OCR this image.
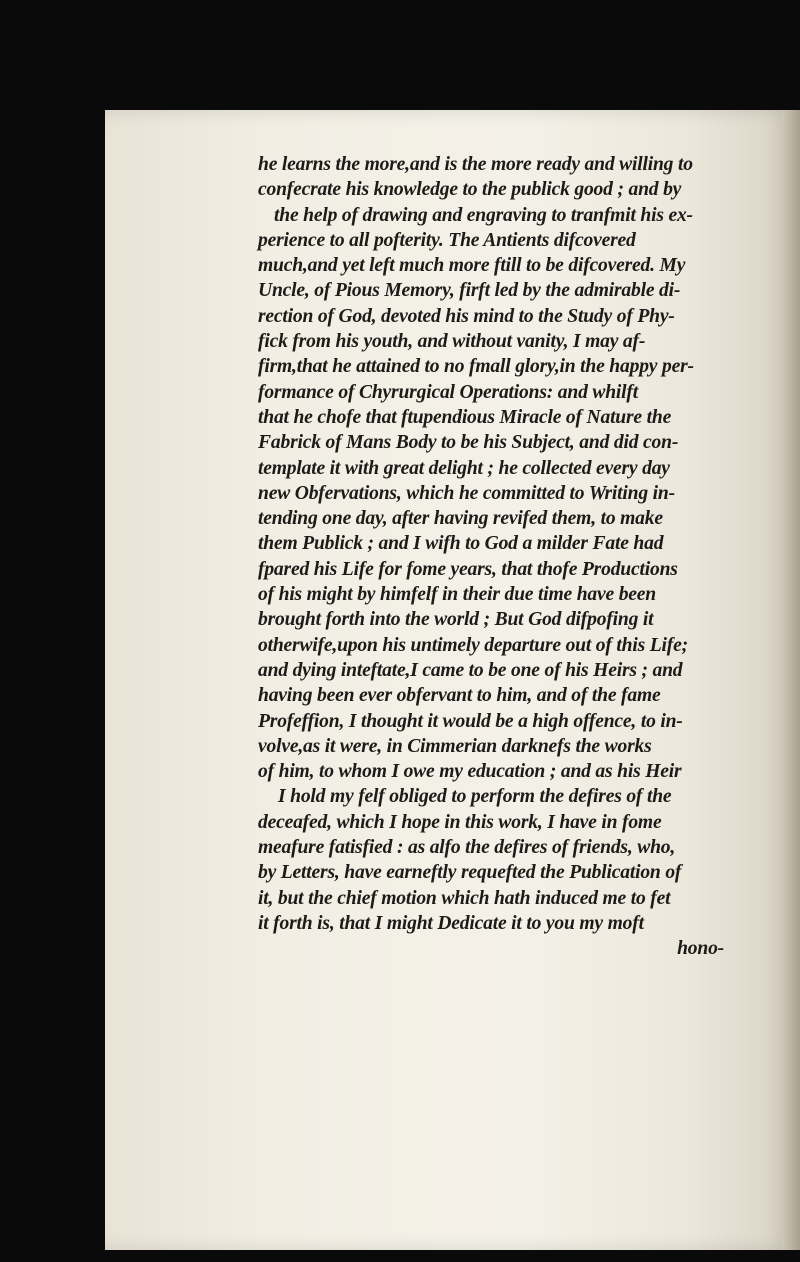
he learns the more,and is the more ready and willing to
confecrate his knowledge to the publick good ; and by
the help of drawing and engraving to tranfmit his ex-
perience to all pofterity. The Antients difcovered
much,and yet left much more ftill to be difcovered. My
Uncle, of Pious Memory, firft led by the admirable di-
rection of God, devoted his mind to the Study of Phy-
fick from his youth, and without vanity, I may af-
firm,that he attained to no fmall glory,in the happy per-
formance of Chyrurgical Operations: and whilft
that he chofe that ftupendious Miracle of Nature the
Fabrick of Mans Body to be his Subject, and did con-
template it with great delight ; he collected every day
new Obfervations, which he committed to Writing in-
tending one day, after having revifed them, to make
them Publick ; and I wifh to God a milder Fate had
fpared his Life for fome years, that thofe Productions
of his might by himfelf in their due time have been
brought forth into the world ; But God difpofing it
otherwife,upon his untimely departure out of this Life;
and dying inteftate,I came to be one of his Heirs ; and
having been ever obfervant to him, and of the fame
Profeffion, I thought it would be a high offence, to in-
volve,as it were, in Cimmerian darknefs the works
of him, to whom I owe my education ; and as his Heir
I hold my felf obliged to perform the defires of the
deceafed, which I hope in this work, I have in fome
meafure fatisfied : as alfo the defires of friends, who,
by Letters, have earneftly requefted the Publication of
it, but the chief motion which hath induced me to fet
it forth is, that I might Dedicate it to you my moft
hono-
